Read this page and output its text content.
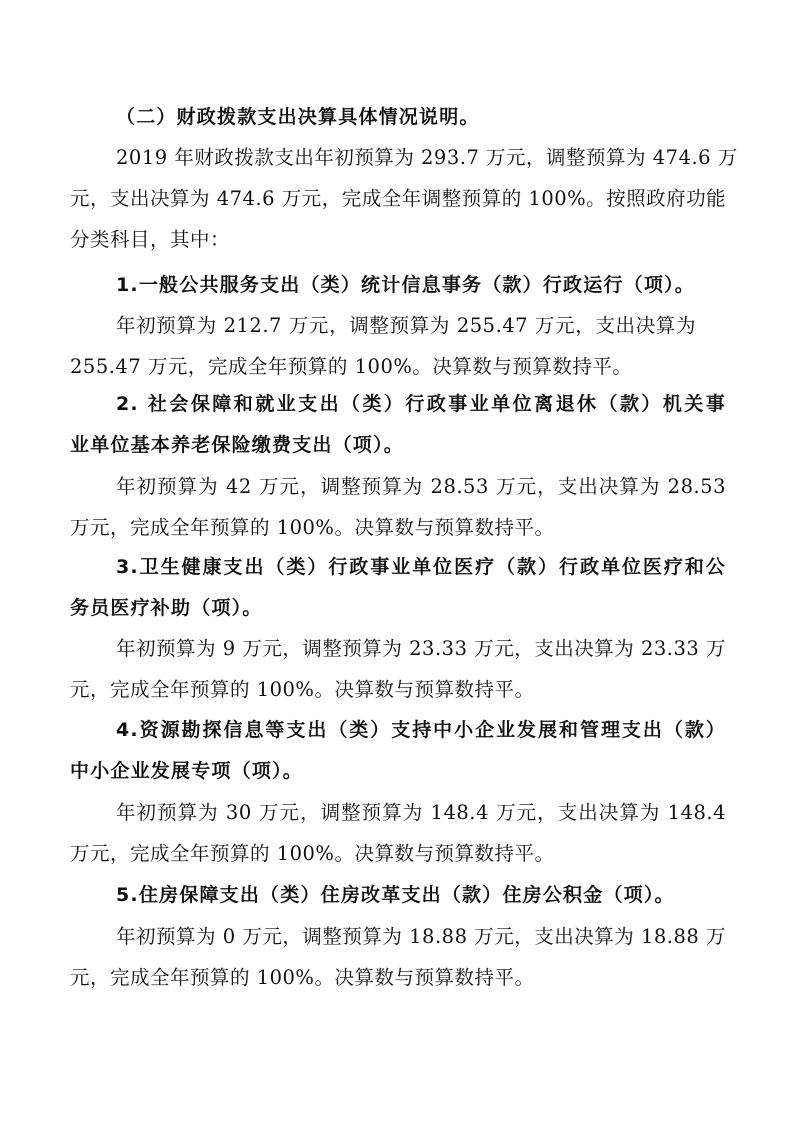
（二）财政拨款支出决算具体情况说明。

2019 年财政拨款支出年初预算为 293.7 万元，调整预算为 474.6 万

元，支出决算为 474.6 万元，完成全年调整预算的 100%。按照政府功能

分类科目，其中：

1.一般公共服务支出（类）统计信息事务（款）行政运行（项）。

年初预算为 212.7 万元，调整预算为 255.47 万元，支出决算为

255.47 万元，完成全年预算的 100%。决算数与预算数持平。

2. 社会保障和就业支出（类）行政事业单位离退休（款）机关事

业单位基本养老保险缴费支出（项）。

年初预算为 42 万元，调整预算为 28.53 万元，支出决算为 28.53

万元，完成全年预算的 100%。决算数与预算数持平。

3.卫生健康支出（类）行政事业单位医疗（款）行政单位医疗和公

务员医疗补助（项）。

年初预算为 9 万元，调整预算为 23.33 万元，支出决算为 23.33 万

元，完成全年预算的 100%。决算数与预算数持平。

4.资源勘探信息等支出（类）支持中小企业发展和管理支出（款）

中小企业发展专项（项）。

年初预算为 30 万元，调整预算为 148.4 万元，支出决算为 148.4

万元，完成全年预算的 100%。决算数与预算数持平。

5.住房保障支出（类）住房改革支出（款）住房公积金（项）。

年初预算为 0 万元，调整预算为 18.88 万元，支出决算为 18.88 万

元，完成全年预算的 100%。决算数与预算数持平。
